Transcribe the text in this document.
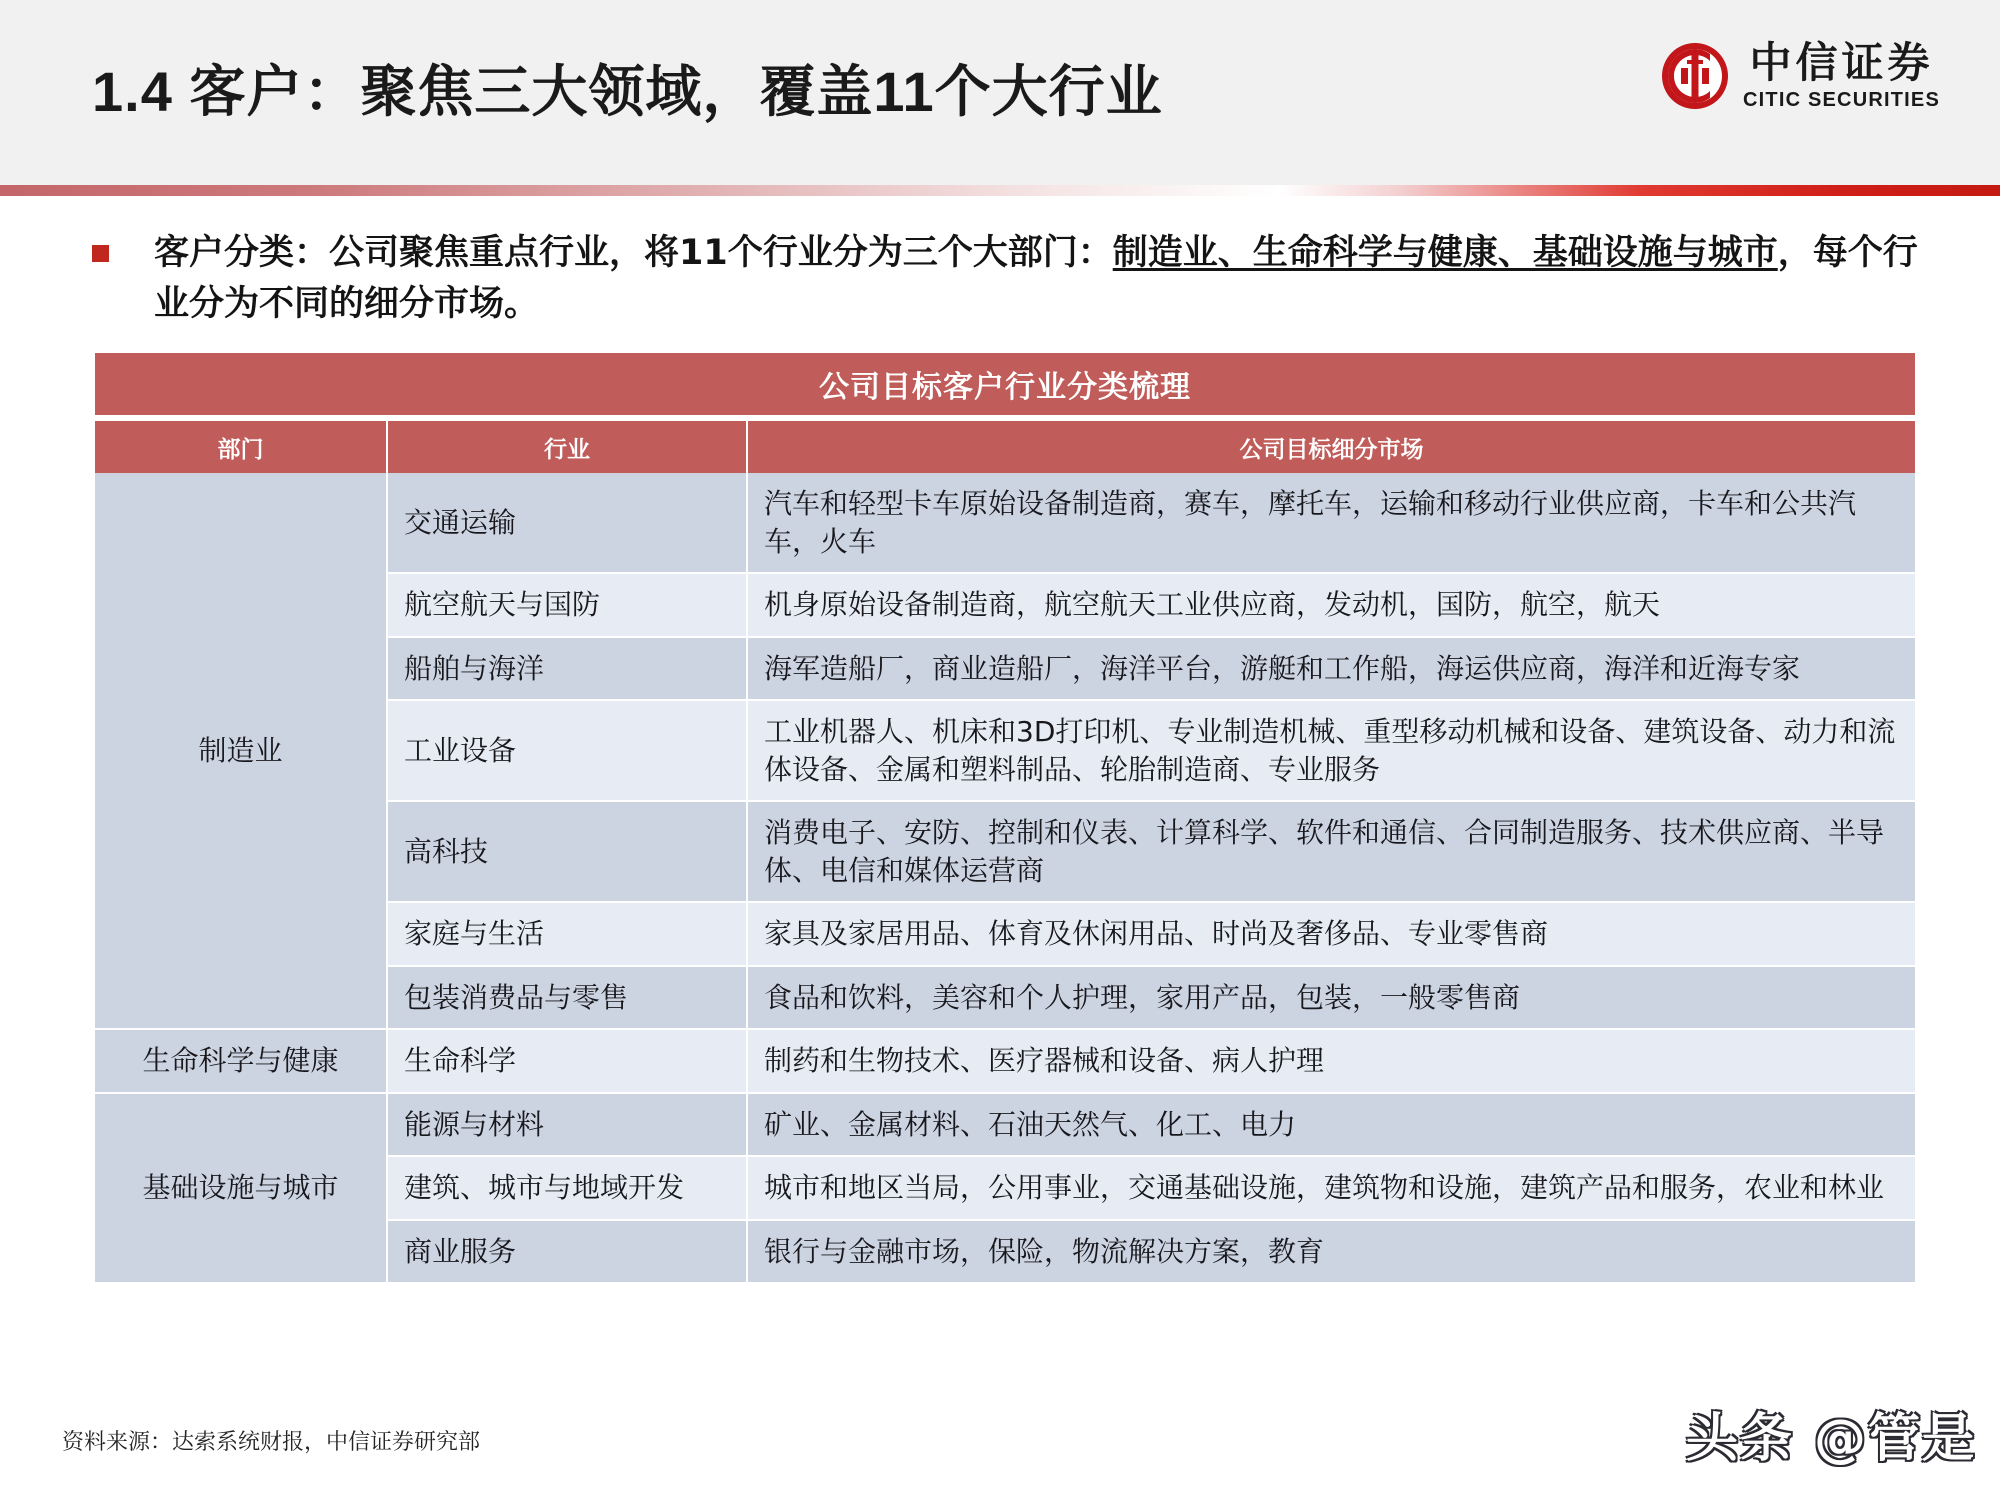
1.4 客户：聚焦三大领域，覆盖11个大行业	中信证券
CITIC SECURITIES
客户分类：公司聚焦重点行业，将11个行业分为三个大部门：制造业、生命科学与健康、基础设施与城市，每个行业分为不同的细分市场。
公司目标客户行业分类梳理
部门	行业	公司目标细分市场
制造业	交通运输	汽车和轻型卡车原始设备制造商，赛车，摩托车，运输和移动行业供应商，卡车和公共汽车，火车
	航空航天与国防	机身原始设备制造商，航空航天工业供应商，发动机，国防，航空，航天
	船舶与海洋	海军造船厂，商业造船厂，海洋平台，游艇和工作船，海运供应商，海洋和近海专家
	工业设备	工业机器人、机床和3D打印机、专业制造机械、重型移动机械和设备、建筑设备、动力和流体设备、金属和塑料制品、轮胎制造商、专业服务
	高科技	消费电子、安防、控制和仪表、计算科学、软件和通信、合同制造服务、技术供应商、半导体、电信和媒体运营商
	家庭与生活	家具及家居用品、体育及休闲用品、时尚及奢侈品、专业零售商
	包装消费品与零售	食品和饮料，美容和个人护理，家用产品，包装，一般零售商
生命科学与健康	生命科学	制药和生物技术、医疗器械和设备、病人护理
基础设施与城市	能源与材料	矿业、金属材料、石油天然气、化工、电力
	建筑、城市与地域开发	城市和地区当局，公用事业，交通基础设施，建筑物和设施，建筑产品和服务，农业和林业
	商业服务	银行与金融市场，保险，物流解决方案，教育
资料来源：达索系统财报，中信证券研究部	头条 @管是
